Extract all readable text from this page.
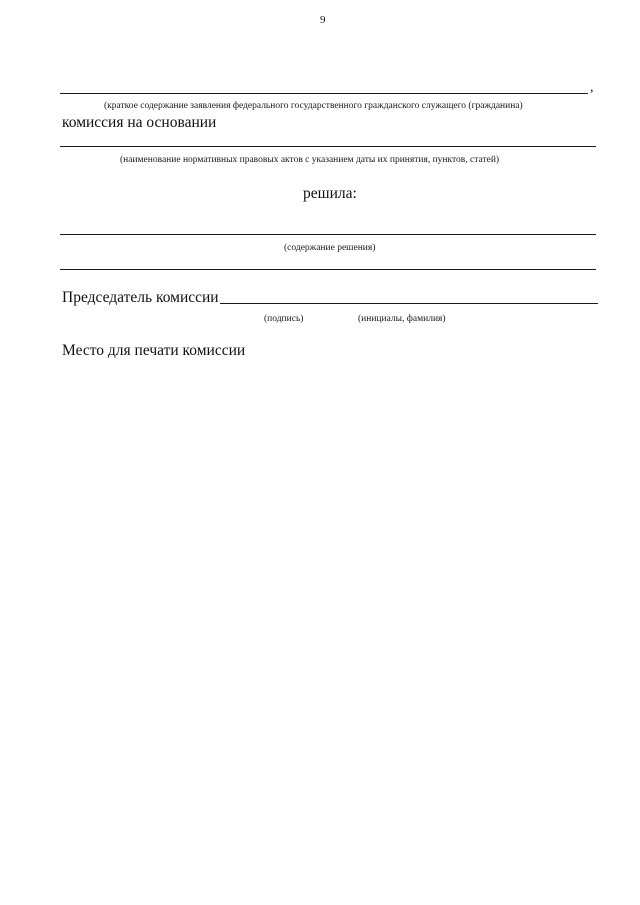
9
,
(краткое содержание заявления федерального государственного гражданского служащего (гражданина)
комиссия на основании
(наименование нормативных правовых актов с указанием даты их принятия, пунктов, статей)
решила:
(содержание решения)
Председатель комиссии
(подпись)	(инициалы, фамилия)
Место для печати комиссии
